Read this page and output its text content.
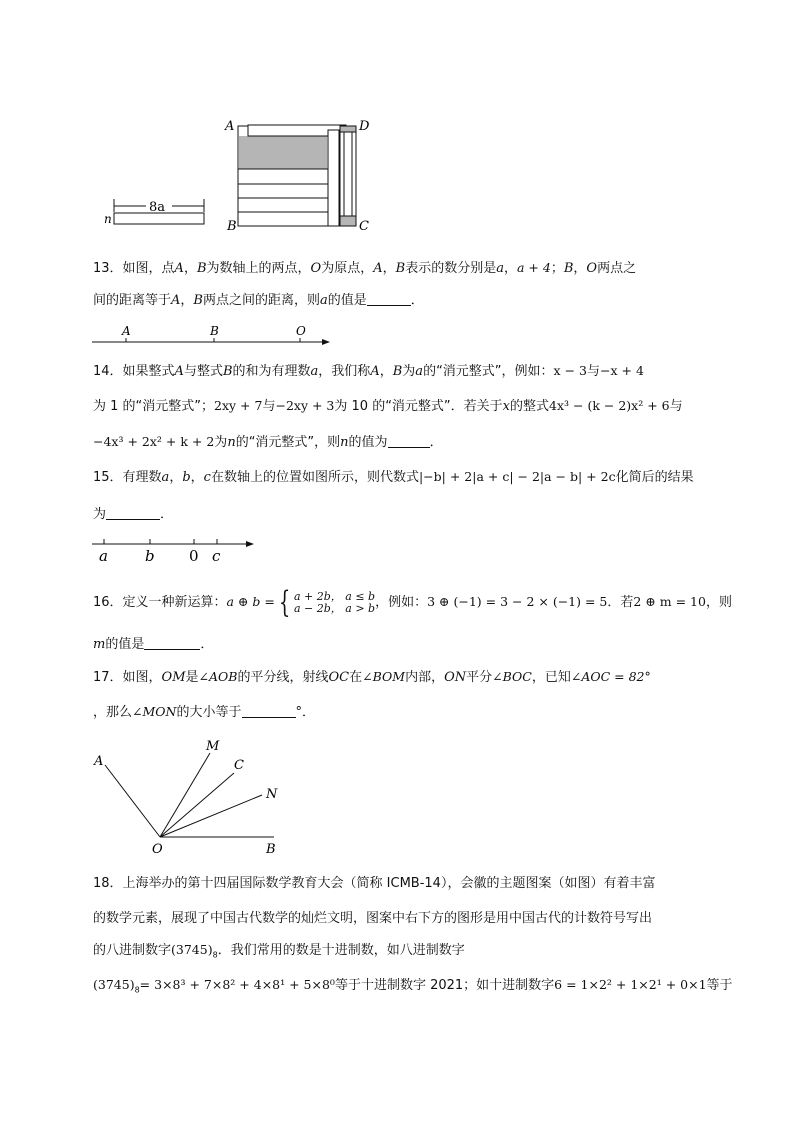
A	D
B	C
8a
n
13．如图，点A，B为数轴上的两点，O为原点，A，B表示的数分别是a，a + 4；B，O两点之
间的距离等于A，B两点之间的距离，则a的值是	．
A	B	O
14．如果整式A与整式B的和为有理数a，我们称A，B为a的“消元整式”，例如：x − 3与−x + 4
为 1 的“消元整式”；2xy + 7与−2xy + 3为 10 的“消元整式”．若关于x的整式4x³ − (k − 2)x² + 6与
−4x³ + 2x² + k + 2为n的“消元整式”，则n的值为	．
15．有理数a，b，c在数轴上的位置如图所示，则代数式|−b| + 2|a + c| − 2|a − b| + 2c化简后的结果
为	．
a b 0 c
16．定义一种新运算：a ⊕ b = { a + 2b， a ≤ b
a − 2b， a > b ，例如：3 ⊕ (−1) = 3 − 2 × (−1) = 5．若2 ⊕ m = 10，则
m的值是	．
17．如图，OM是∠AOB的平分线，射线OC在∠BOM内部，ON平分∠BOC，已知∠AOC = 82°
，那么∠MON的大小等于	°．
A
M
C
N
O	B
18．上海举办的第十四届国际数学教育大会（简称 ICMB-14），会徽的主题图案（如图）有着丰富
的数学元素，展现了中国古代数学的灿烂文明，图案中右下方的图形是用中国古代的计数符号写出
的八进制数字$(3745)_8$．我们常用的数是十进制数，如八进制数字
$(3745)_8= 3\times 8^3 + 7\times 8^2 + 4\times 8^1 + 5\times 8^0$等于十进制数字 2021；如十进制数字6 = 1×2² + 1×2¹ + 0×1等于
